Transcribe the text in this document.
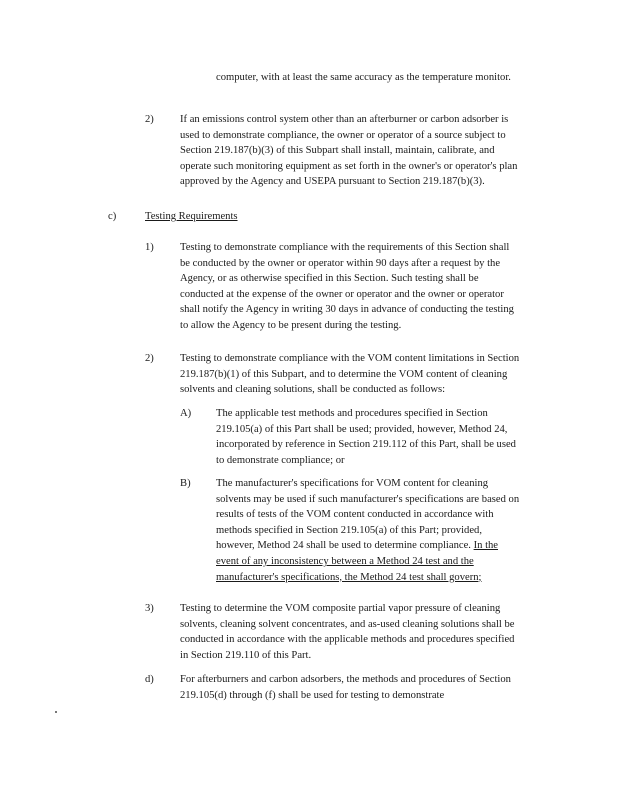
computer, with at least the same accuracy as the temperature monitor.

2) If an emissions control system other than an afterburner or carbon adsorber is used to demonstrate compliance, the owner or operator of a source subject to Section 219.187(b)(3) of this Subpart shall install, maintain, calibrate, and operate such monitoring equipment as set forth in the owner's or operator's plan approved by the Agency and USEPA pursuant to Section 219.187(b)(3).

c)	Testing Requirements

1) Testing to demonstrate compliance with the requirements of this Section shall be conducted by the owner or operator within 90 days after a request by the Agency, or as otherwise specified in this Section. Such testing shall be conducted at the expense of the owner or operator and the owner or operator shall notify the Agency in writing 30 days in advance of conducting the testing to allow the Agency to be present during the testing.

2) Testing to demonstrate compliance with the VOM content limitations in Section 219.187(b)(1) of this Subpart, and to determine the VOM content of cleaning solvents and cleaning solutions, shall be conducted as follows:

A) The applicable test methods and procedures specified in Section 219.105(a) of this Part shall be used; provided, however, Method 24, incorporated by reference in Section 219.112 of this Part, shall be used to demonstrate compliance; or

B) The manufacturer's specifications for VOM content for cleaning solvents may be used if such manufacturer's specifications are based on results of tests of the VOM content conducted in accordance with methods specified in Section 219.105(a) of this Part; provided, however, Method 24 shall be used to determine compliance. In the event of any inconsistency between a Method 24 test and the manufacturer's specifications, the Method 24 test shall govern;

3) Testing to determine the VOM composite partial vapor pressure of cleaning solvents, cleaning solvent concentrates, and as-used cleaning solutions shall be conducted in accordance with the applicable methods and procedures specified in Section 219.110 of this Part.

d) For afterburners and carbon adsorbers, the methods and procedures of Section 219.105(d) through (f) shall be used for testing to demonstrate
